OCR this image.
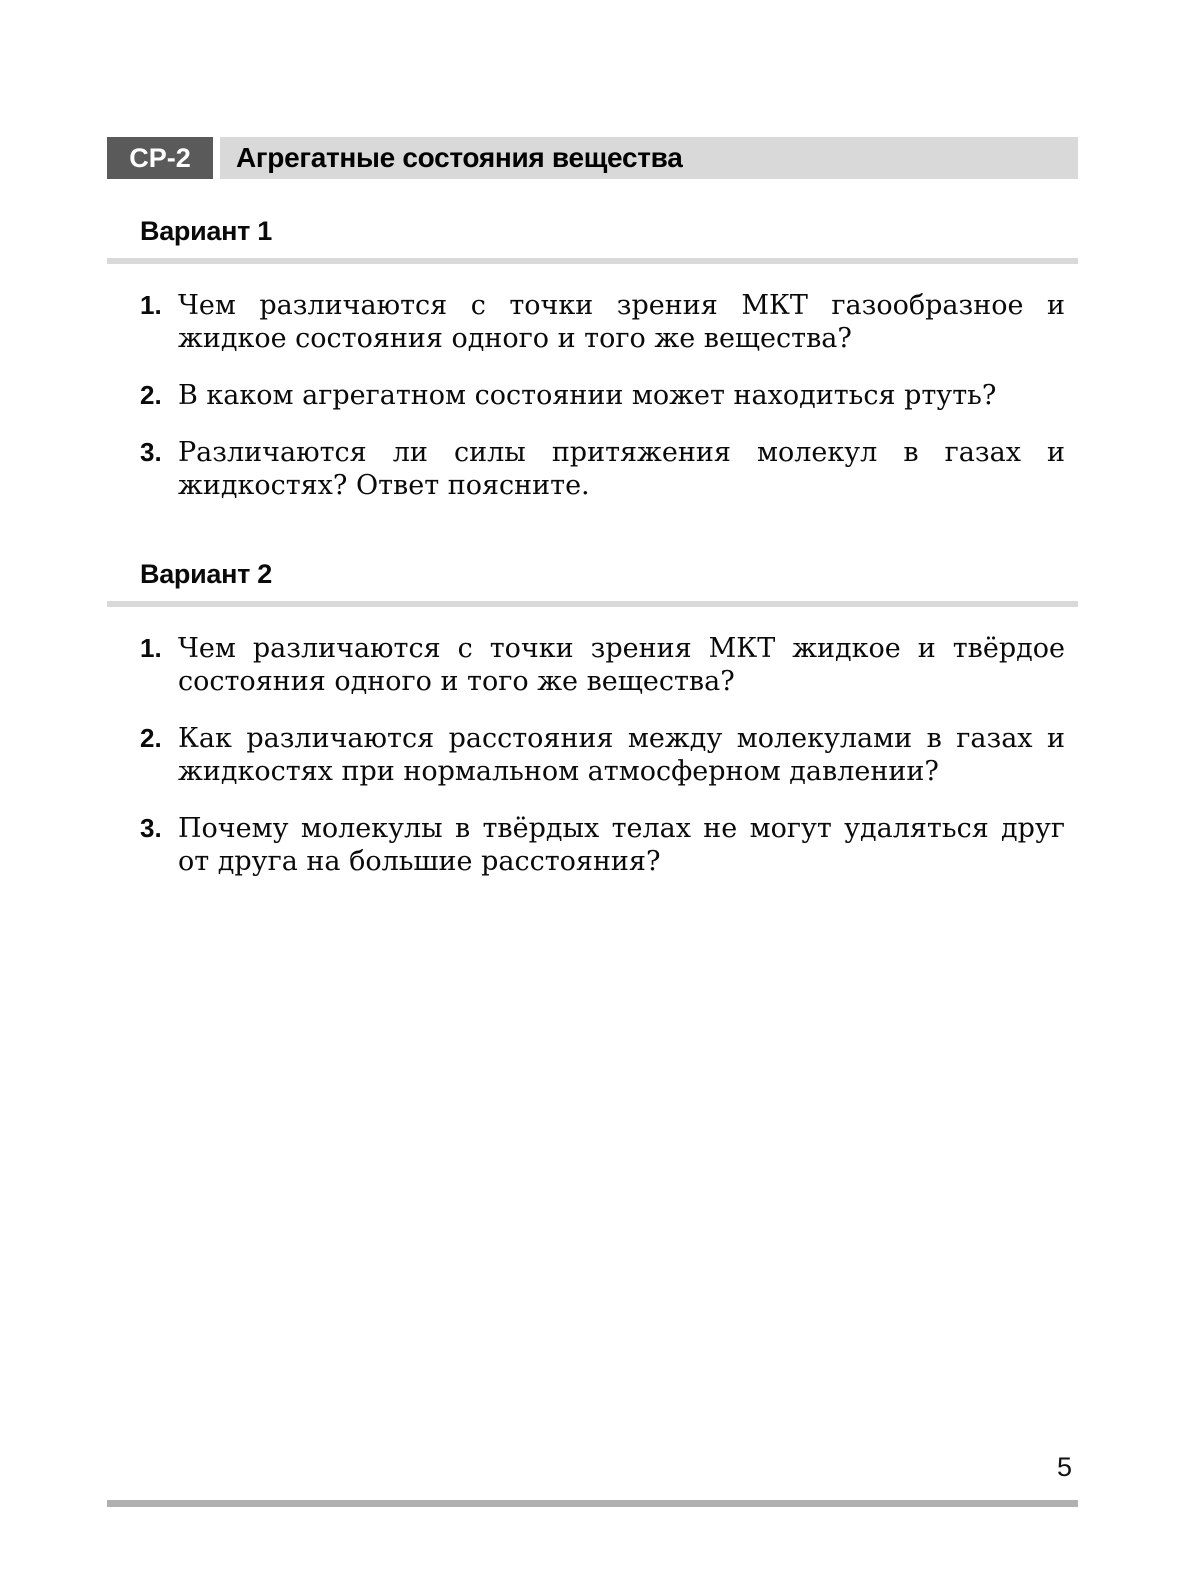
СР-2	Агрегатные состояния вещества
Вариант 1
1. Чем различаются с точки зрения МКТ газообразное и жидкое состояния одного и того же вещества?
2. В каком агрегатном состоянии может находиться ртуть?
3. Различаются ли силы притяжения молекул в газах и жидкостях? Ответ поясните.
Вариант 2
1. Чем различаются с точки зрения МКТ жидкое и твёрдое состояния одного и того же вещества?
2. Как различаются расстояния между молекулами в газах и жидкостях при нормальном атмосферном давлении?
3. Почему молекулы в твёрдых телах не могут удаляться друг от друга на большие расстояния?
5
